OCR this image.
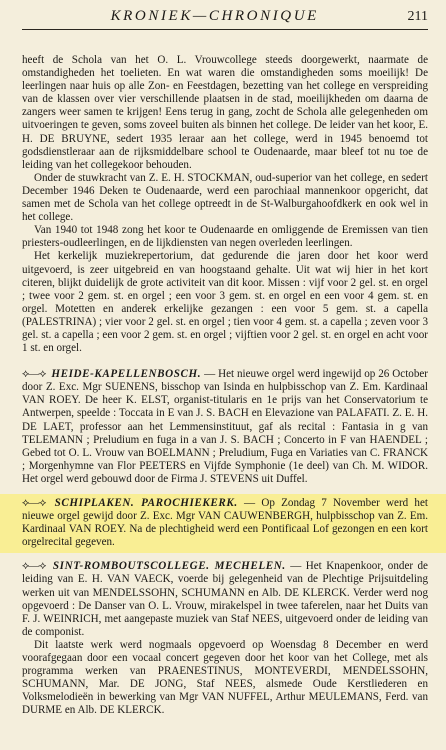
KRONIEK—CHRONIQUE	211

heeft de Schola van het O. L. Vrouwcollege steeds doorgewerkt, naarmate de omstandigheden het toelieten. En wat waren die omstandigheden soms moeilijk! De leerlingen naar huis op alle Zon- en Feestdagen, bezetting van het college en verspreiding van de klassen over vier verschillende plaatsen in de stad, moeilijkheden om daarna de zangers weer samen te krijgen! Eens terug in gang, zocht de Schola alle gelegenheden om uitvoeringen te geven, soms zoveel buiten als binnen het college. De leider van het koor, E. H. DE BRUYNE, sedert 1935 leraar aan het college, werd in 1945 benoemd tot godsdienstleraar aan de rijksmiddelbare school te Oudenaarde, maar bleef tot nu toe de leiding van het collegekoor behouden.

Onder de stuwkracht van Z. E. H. STOCKMAN, oud-superior van het college, en sedert December 1946 Deken te Oudenaarde, werd een parochiaal mannenkoor opgericht, dat samen met de Schola van het college optreedt in de St-Walburgahoofdkerk en ook wel in het college.

Van 1940 tot 1948 zong het koor te Oudenaarde en omliggende de Eremissen van tien priesters-oudleerlingen, en de lijkdiensten van negen overleden leerlingen.

Het kerkelijk muziekrepertorium, dat gedurende die jaren door het koor werd uitgevoerd, is zeer uitgebreid en van hoogstaand gehalte. Uit wat wij hier in het kort citeren, blijkt duidelijk de grote activiteit van dit koor. Missen : vijf voor 2 gel. st. en orgel ; twee voor 2 gem. st. en orgel ; een voor 3 gem. st. en orgel en een voor 4 gem. st. en orgel. Motetten en anderek erkelijke gezangen : een voor 5 gem. st. a capella (PALESTRINA) ; vier voor 2 gel. st. en orgel ; tien voor 4 gem. st. a capella ; zeven voor 3 gel. st. a capella ; een voor 2 gem. st. en orgel ; vijftien voor 2 gel. st. en orgel en acht voor 1 st. en orgel.

⟡—⟢ HEIDE-KAPELLENBOSCH. — Het nieuwe orgel werd ingewijd op 26 October door Z. Exc. Mgr SUENENS, bisschop van Isinda en hulpbisschop van Z. Em. Kardinaal VAN ROEY. De heer K. ELST, organist-titularis en 1e prijs van het Conservatorium te Antwerpen, speelde : Toccata in E van J. S. BACH en Elevazione van PALAFATI. Z. E. H. DE LAET, professor aan het Lemmensinstituut, gaf als recital : Fantasia in g van TELEMANN ; Preludium en fuga in a van J. S. BACH ; Concerto in F van HAENDEL ; Gebed tot O. L. Vrouw van BOELMANN ; Preludium, Fuga en Variaties van C. FRANCK ; Morgenhymne van Flor PEETERS en Vijfde Symphonie (1e deel) van Ch. M. WIDOR. Het orgel werd gebouwd door de Firma J. STEVENS uit Duffel.
⟡—⟢ SCHIPLAKEN. PAROCHIEKERK. — Op Zondag 7 November werd het nieuwe orgel gewijd door Z. Exc. Mgr VAN CAUWENBERGH, hulpbisschop van Z. Em. Kardinaal VAN ROEY. Na de plechtigheid werd een Pontificaal Lof gezongen en een kort orgelrecital gegeven.
⟡—⟢ SINT-ROMBOUTSCOLLEGE. MECHELEN. — Het Knapenkoor, onder de leiding van E. H. VAN VAECK, voerde bij gelegenheid van de Plechtige Prijsuitdeling werken uit van MENDELSSOHN, SCHUMANN en Alb. DE KLERCK. Verder werd nog opgevoerd : De Danser van O. L. Vrouw, mirakelspel in twee taferelen, naar het Duits van F. J. WEINRICH, met aangepaste muziek van Staf NEES, uitgevoerd onder de leiding van de componist.

Dit laatste werk werd nogmaals opgevoerd op Woensdag 8 December en werd voorafgegaan door een vocaal concert gegeven door het koor van het College, met als programma werken van PRAENESTINUS, MONTEVERDI, MENDELSSOHN, SCHUMANN, Mar. DE JONG, Staf NEES, alsmede Oude Kerstliederen en Volksmelodieën in bewerking van Mgr VAN NUFFEL, Arthur MEULEMANS, Ferd. van DURME en Alb. DE KLERCK.
